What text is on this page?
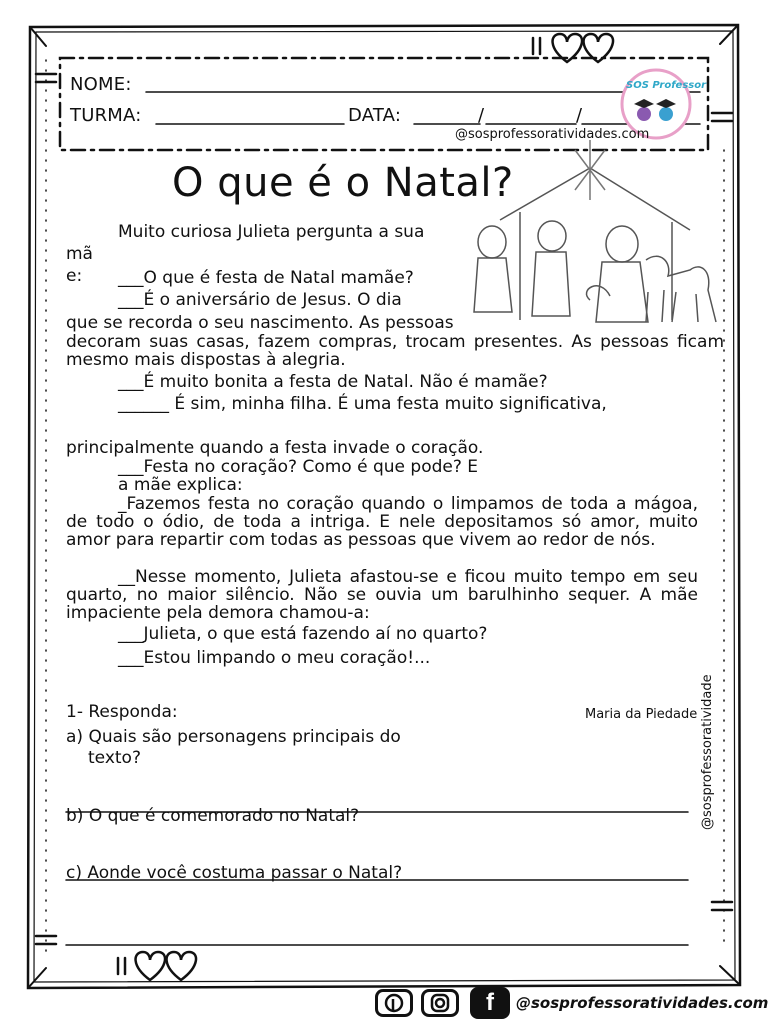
NOME:
TURMA:	DATA:	/	/
@sosprofessoratividades.com
SOS Professor
O que é o Natal?
Muito curiosa Julieta pergunta a sua
mã
e: ___O que é festa de Natal mamãe?
___É o aniversário de Jesus. O dia
que se recorda o seu nascimento. As pessoas
decoram suas casas, fazem compras, trocam presentes. As pessoas ficam mesmo mais dispostas à alegria.
___É muito bonita a festa de Natal. Não é mamãe?
______ É sim, minha filha. É uma festa muito significativa,
principalmente quando a festa invade o coração.
___Festa no coração? Como é que pode? E a mãe explica:
_Fazemos festa no coração quando o limpamos de toda a mágoa, de todo o ódio, de toda a intriga. E nele depositamos só amor, muito amor para repartir com todas as pessoas que vivem ao redor de nós.
__Nesse momento, Julieta afastou-se e ficou muito tempo em seu quarto, no maior silêncio. Não se ouvia um barulhinho sequer. A mãe impaciente pela demora chamou-a:
___Julieta, o que está fazendo aí no quarto?
___Estou limpando o meu coração!...
Maria da Piedade
1- Responda:
a) Quais são personagens principais do
texto?
b) O que é comemorado no Natal?
c) Aonde você costuma passar o Natal?
@sosprofessoratividade
f	@sosprofessoratividades.com
